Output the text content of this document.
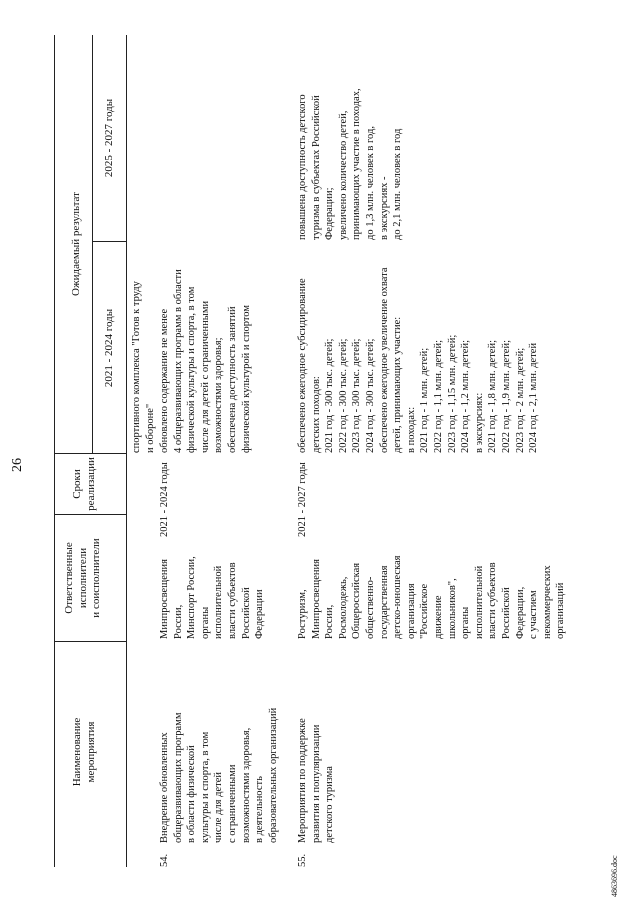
26
4863696.doc
Наименование
мероприятия
Ответственные
исполнители
и соисполнители
Сроки
реализации
Ожидаемый результат
2021 - 2024 годы
2025 - 2027 годы
спортивного комплекса "Готов к труду
и обороне"
54.
Внедрение обновленных
общеразвивающих программ
в области физической
культуры и спорта, в том
числе для детей
с ограниченными
возможностями здоровья,
в деятельность
образовательных организаций
Минпросвещения
России,
Минспорт России,
органы
исполнительной
власти субъектов
Российской
Федерации
2021 - 2024 годы
обновлено содержание не менее
4 общеразвивающих программ в области
физической культуры и спорта, в том
числе для детей с ограниченными
возможностями здоровья;
обеспечена доступность занятий
физической культурой и спортом
55.
Мероприятия по поддержке
развития и популяризации
детского туризма
Ростуризм,
Минпросвещения
России,
Росмолодежь,
Общероссийская
общественно-
государственная
детско-юношеская
организация
"Российское
движение
школьников",
органы
исполнительной
власти субъектов
Российской
Федерации,
с участием
некоммерческих
организаций
2021 - 2027 годы
обеспечено ежегодное субсидирование
детских походов:
2021 год - 300 тыс. детей;
2022 год - 300 тыс. детей;
2023 год - 300 тыс. детей;
2024 год - 300 тыс. детей;
обеспечено ежегодное увеличение охвата
детей, принимающих участие:
в походах:
2021 год - 1 млн. детей;
2022 год - 1,1 млн. детей;
2023 год - 1,15 млн. детей;
2024 год - 1,2 млн. детей;
в экскурсиях:
2021 год - 1,8 млн. детей;
2022 год - 1,9 млн. детей;
2023 год - 2 млн. детей;
2024 год - 2,1 млн. детей
повышена доступность детского
туризма в субъектах Российской
Федерации;
увеличено количество детей,
принимающих участие в походах,
до 1,3 млн. человек в год,
в экскурсиях -
до 2,1 млн. человек в год
